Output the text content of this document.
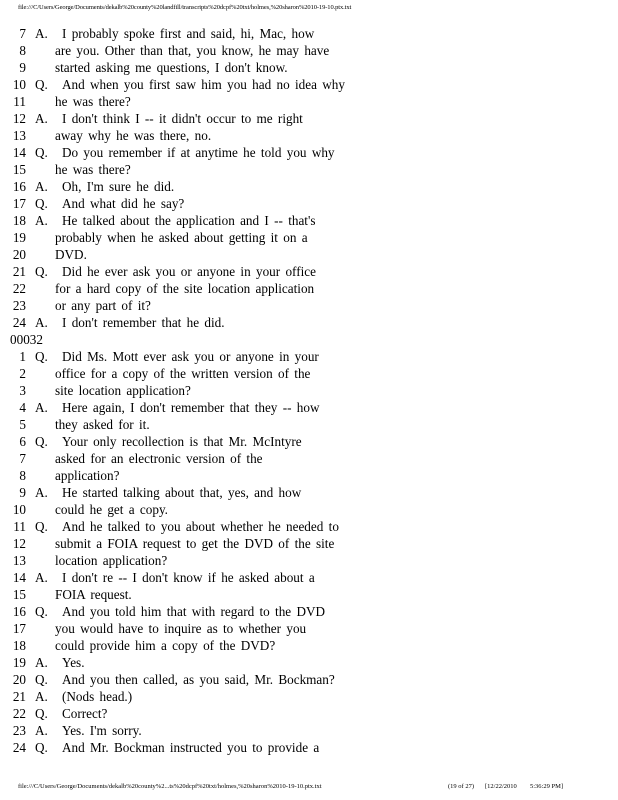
file:///C/Users/George/Documents/dekalb%20county%20landfill/transcripts%20dcpf%20txt/holmes,%20sharon%2010-19-10.ptx.txt
7 A. I probably spoke first and said, hi, Mac, how
8 are you. Other than that, you know, he may have
9 started asking me questions, I don't know.
10 Q. And when you first saw him you had no idea why
11 he was there?
12 A. I don't think I -- it didn't occur to me right
13 away why he was there, no.
14 Q. Do you remember if at anytime he told you why
15 he was there?
16 A. Oh, I'm sure he did.
17 Q. And what did he say?
18 A. He talked about the application and I -- that's
19 probably when he asked about getting it on a
20 DVD.
21 Q. Did he ever ask you or anyone in your office
22 for a hard copy of the site location application
23 or any part of it?
24 A. I don't remember that he did.
00032
1 Q. Did Ms. Mott ever ask you or anyone in your
2 office for a copy of the written version of the
3 site location application?
4 A. Here again, I don't remember that they -- how
5 they asked for it.
6 Q. Your only recollection is that Mr. McIntyre
7 asked for an electronic version of the
8 application?
9 A. He started talking about that, yes, and how
10 could he get a copy.
11 Q. And he talked to you about whether he needed to
12 submit a FOIA request to get the DVD of the site
13 location application?
14 A. I don't re -- I don't know if he asked about a
15 FOIA request.
16 Q. And you told him that with regard to the DVD
17 you would have to inquire as to whether you
18 could provide him a copy of the DVD?
19 A. Yes.
20 Q. And you then called, as you said, Mr. Bockman?
21 A. (Nods head.)
22 Q. Correct?
23 A. Yes. I'm sorry.
24 Q. And Mr. Bockman instructed you to provide a
file:///C/Users/George/Documents/dekalb%20county%2...ts%20dcpf%20txt/holmes,%20sharon%2010-19-10.ptx.txt	(19 of 27) [12/22/2010 5:36:29 PM]
